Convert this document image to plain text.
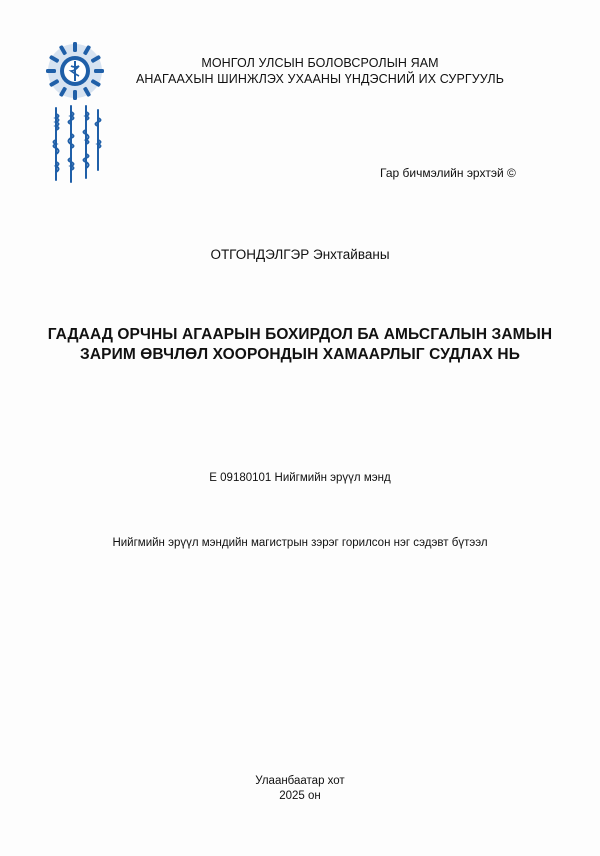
МОНГОЛ УЛСЫН БОЛОВСРОЛЫН ЯАМ
АНАГААХЫН ШИНЖЛЭХ УХААНЫ ҮНДЭСНИЙ ИХ СУРГУУЛЬ
Гар бичмэлийн эрхтэй ©
ОТГОНДЭЛГЭР Энхтайваны
ГАДААД ОРЧНЫ АГААРЫН БОХИРДОЛ БА АМЬСГАЛЫН ЗАМЫН
ЗАРИМ ӨВЧЛӨЛ ХООРОНДЫН ХАМААРЛЫГ СУДЛАХ НЬ
Е 09180101 Нийгмийн эрүүл мэнд
Нийгмийн эрүүл мэндийн магистрын зэрэг горилсон нэг сэдэвт бүтээл
Улаанбаатар хот
2025 он
